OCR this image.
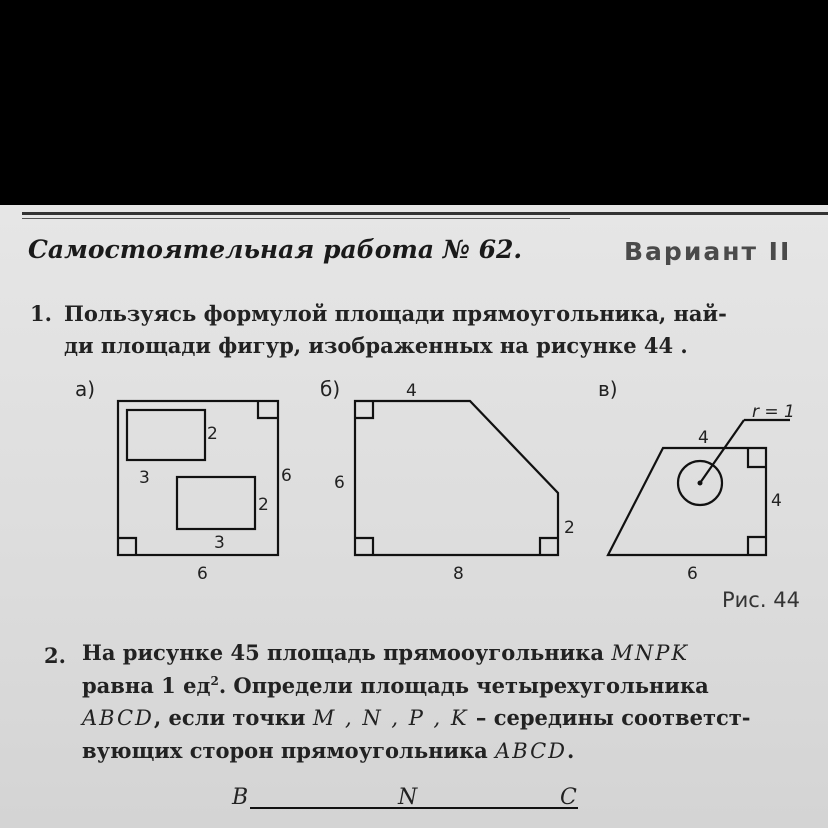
Самостоятельная работа № 62.	Вариант II
1. Пользуясь формулой площади прямоугольника, най-
ди площади фигур, изображенных на рисунке 44 .
а)	б)	в)
2
3	6
2
3
6
4
6
2
8
r = 1
4
4
6
Рис. 44
2. На рисунке 45 площадь прямооугольника MNPK
равна 1 $ед^2$. Определи площадь четырехугольника
ABCD, если точки M , N , P , K – середины соответст-
вующих сторон прямоугольника ABCD.
B	N	C
